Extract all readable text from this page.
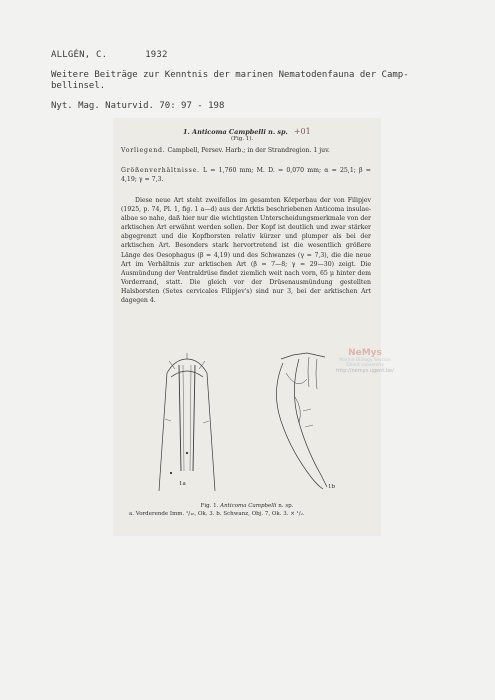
ALLGÉN, C.	1932
Weitere Beiträge zur Kenntnis der marinen Nematodenfauna der Camp-
bellinsel.
Nyt. Mag. Naturvid. 70: 97 - 198
1. Anticoma Campbelli n. sp. +01
(Fig. 1).
Vorliegend. Campbell, Persev. Harb.; in der Strandregion. 1 juv.
Größenverhältnisse. L = 1,760 mm; M. D. = 0,070 mm; α = 25,1; β = 4,19; γ = 7,3.
Diese neue Art steht zweifellos im gesamten Körperbau der von Filipjev (1925, p. 74, Pl. 1, fig. 1 a—d) aus der Arktis beschriebenen Anticoma insulae-albae so nahe, daß hier nur die wichtigsten Unterscheidungsmerkmale von der arktischen Art erwähnt werden sollen. Der Kopf ist deutlich und zwar stärker abgegrenzt und die Kopfborsten relativ kürzer und plumper als bei der arktischen Art. Besonders stark hervortretend ist die wesentlich größere Länge des Oesophagus (β = 4,19) und des Schwanzes (γ = 7,3), die die neue Art im Verhältnis zur arktischen Art (β = 7—8; γ = 29—30) zeigt. Die Ausmündung der Ventraldrüse findet ziemlich weit nach vorn, 65 μ hinter dem Vorderrand, statt. Die gleich vor der Drüsenausmündung gestellten Halsborsten (Setes cervicales Filipjev's) sind nur 3, bei der arktischen Art dagegen 4.
1a	1b
NeMys
Marine Biology Section
Ghent University
http://nemys.ugent.be/
Fig. 1. Anticoma Campbelli n. sp.
a. Vorderende Imm. ¹/₁₆, Ok. 3. b. Schwanz, Obj. 7, Ok. 3. × ¹/₂.
